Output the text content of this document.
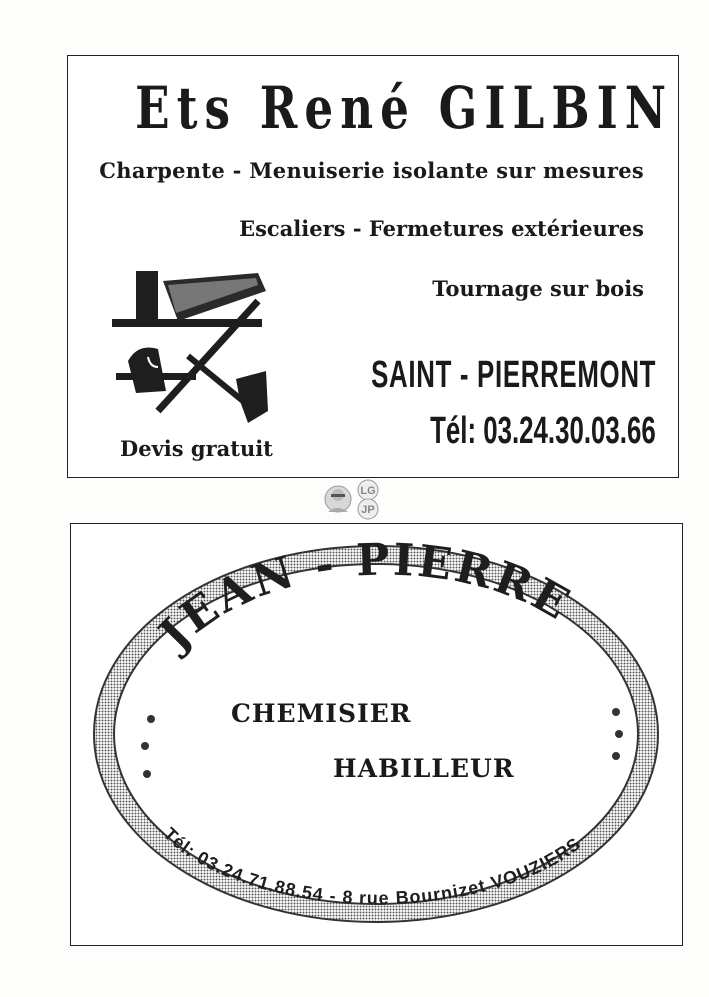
Ets René GILBIN
Charpente - Menuiserie isolante sur mesures
Escaliers - Fermetures extérieures
Tournage sur bois
SAINT - PIERREMONT
Tél: 03.24.30.03.66
Devis gratuit
LG
JP
JEAN - PIERRE
Tél: 03.24.71.88.54 - 8 rue Bournizet VOUZIERS
CHEMISIER
HABILLEUR
